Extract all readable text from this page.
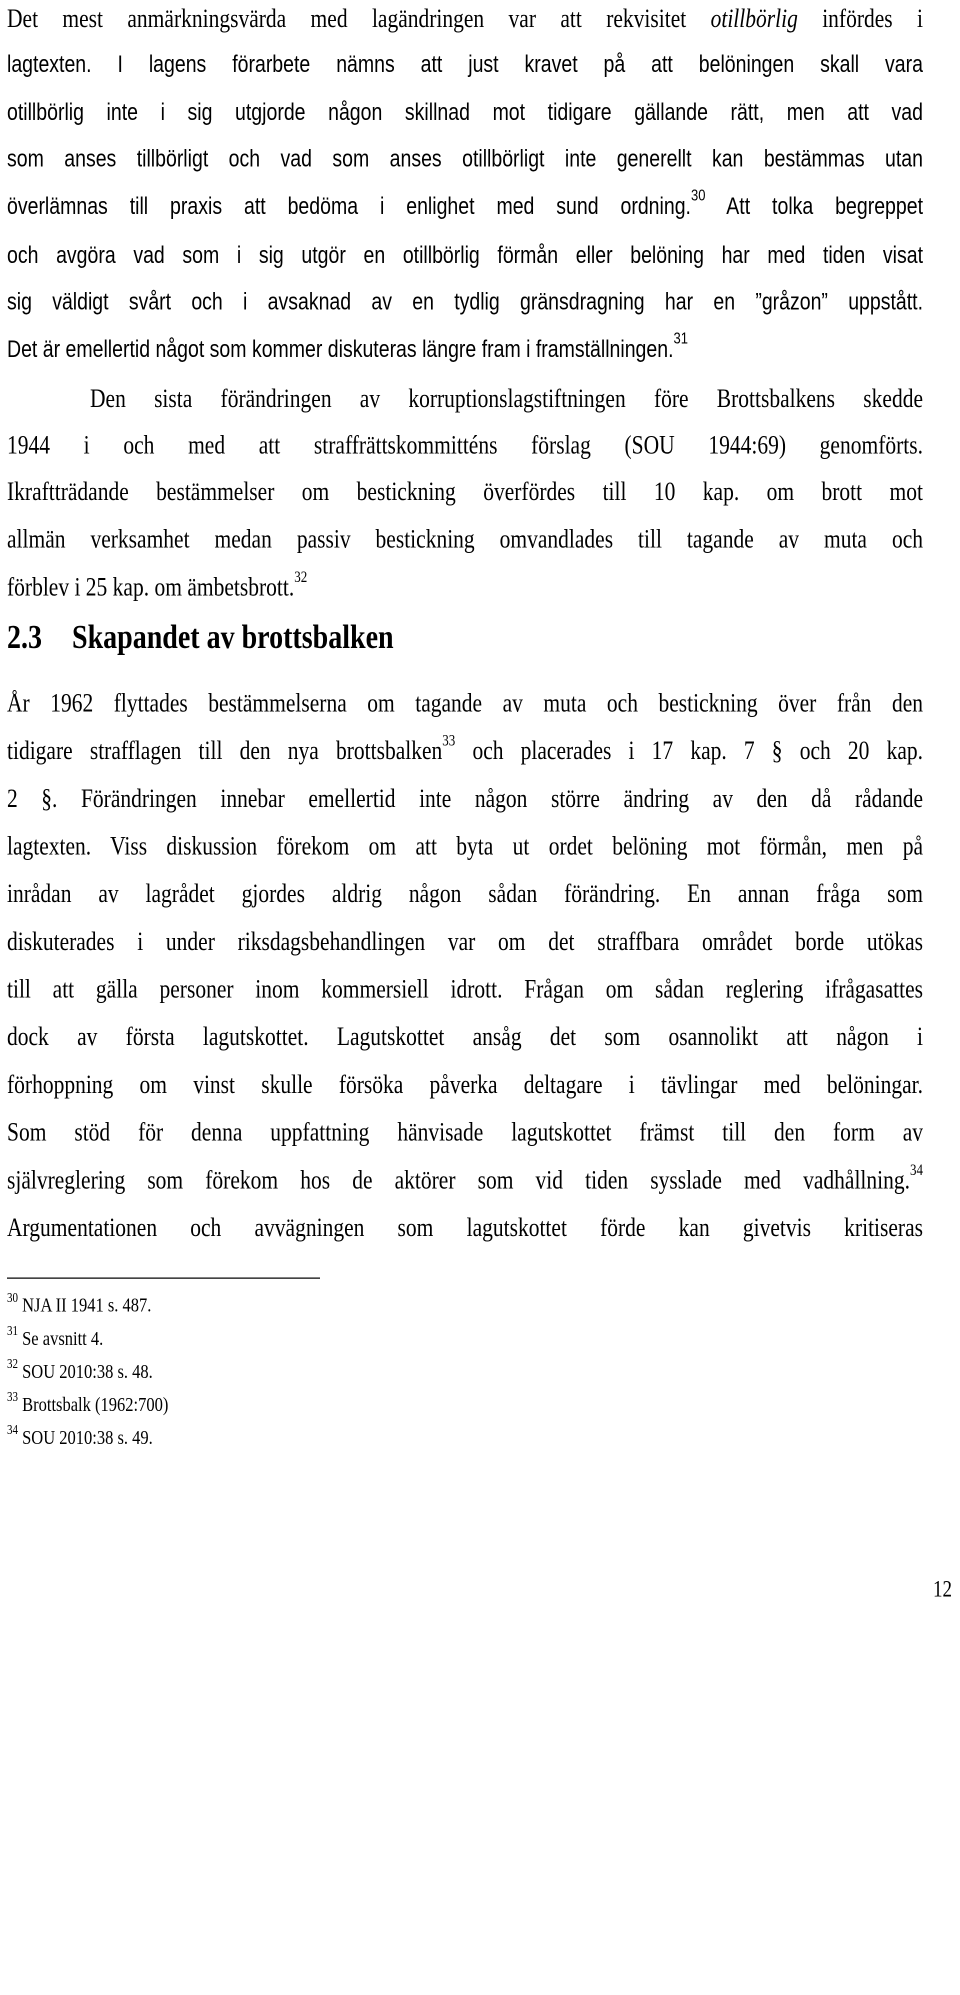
Det mest anmärkningsvärda med lagändringen var att rekvisitet otillbörlig infördes i
lagtexten. I lagens förarbete nämns att just kravet på att belöningen skall vara
otillbörlig inte i sig utgjorde någon skillnad mot tidigare gällande rätt, men att vad
som anses tillbörligt och vad som anses otillbörligt inte generellt kan bestämmas utan
överlämnas till praxis att bedöma i enlighet med sund ordning.$^{30}$ Att tolka begreppet
och avgöra vad som i sig utgör en otillbörlig förmån eller belöning har med tiden visat
sig väldigt svårt och i avsaknad av en tydlig gränsdragning har en ”gråzon” uppstått.
Det är emellertid något som kommer diskuteras längre fram i framställningen.$^{31}$
Den sista förändringen av korruptionslagstiftningen före Brottsbalkens skedde
1944 i och med att straffrättskommitténs förslag (SOU 1944:69) genomförts.
Ikraftträdande bestämmelser om bestickning överfördes till 10 kap. om brott mot
allmän verksamhet medan passiv bestickning omvandlades till tagande av muta och
förblev i 25 kap. om ämbetsbrott.$^{32}$
2.3 Skapandet av brottsbalken
År 1962 flyttades bestämmelserna om tagande av muta och bestickning över från den
tidigare strafflagen till den nya brottsbalken$^{33}$ och placerades i 17 kap. 7 § och 20 kap.
2 §. Förändringen innebar emellertid inte någon större ändring av den då rådande
lagtexten. Viss diskussion förekom om att byta ut ordet belöning mot förmån, men på
inrådan av lagrådet gjordes aldrig någon sådan förändring. En annan fråga som
diskuterades i under riksdagsbehandlingen var om det straffbara området borde utökas
till att gälla personer inom kommersiell idrott. Frågan om sådan reglering ifrågasattes
dock av första lagutskottet. Lagutskottet ansåg det som osannolikt att någon i
förhoppning om vinst skulle försöka påverka deltagare i tävlingar med belöningar.
Som stöd för denna uppfattning hänvisade lagutskottet främst till den form av
självreglering som förekom hos de aktörer som vid tiden sysslade med vadhållning.$^{34}$
Argumentationen och avvägningen som lagutskottet förde kan givetvis kritiseras
$^{30}$ NJA II 1941 s. 487.
$^{31}$ Se avsnitt 4.
$^{32}$ SOU 2010:38 s. 48.
$^{33}$ Brottsbalk (1962:700)
$^{34}$ SOU 2010:38 s. 49.
12
